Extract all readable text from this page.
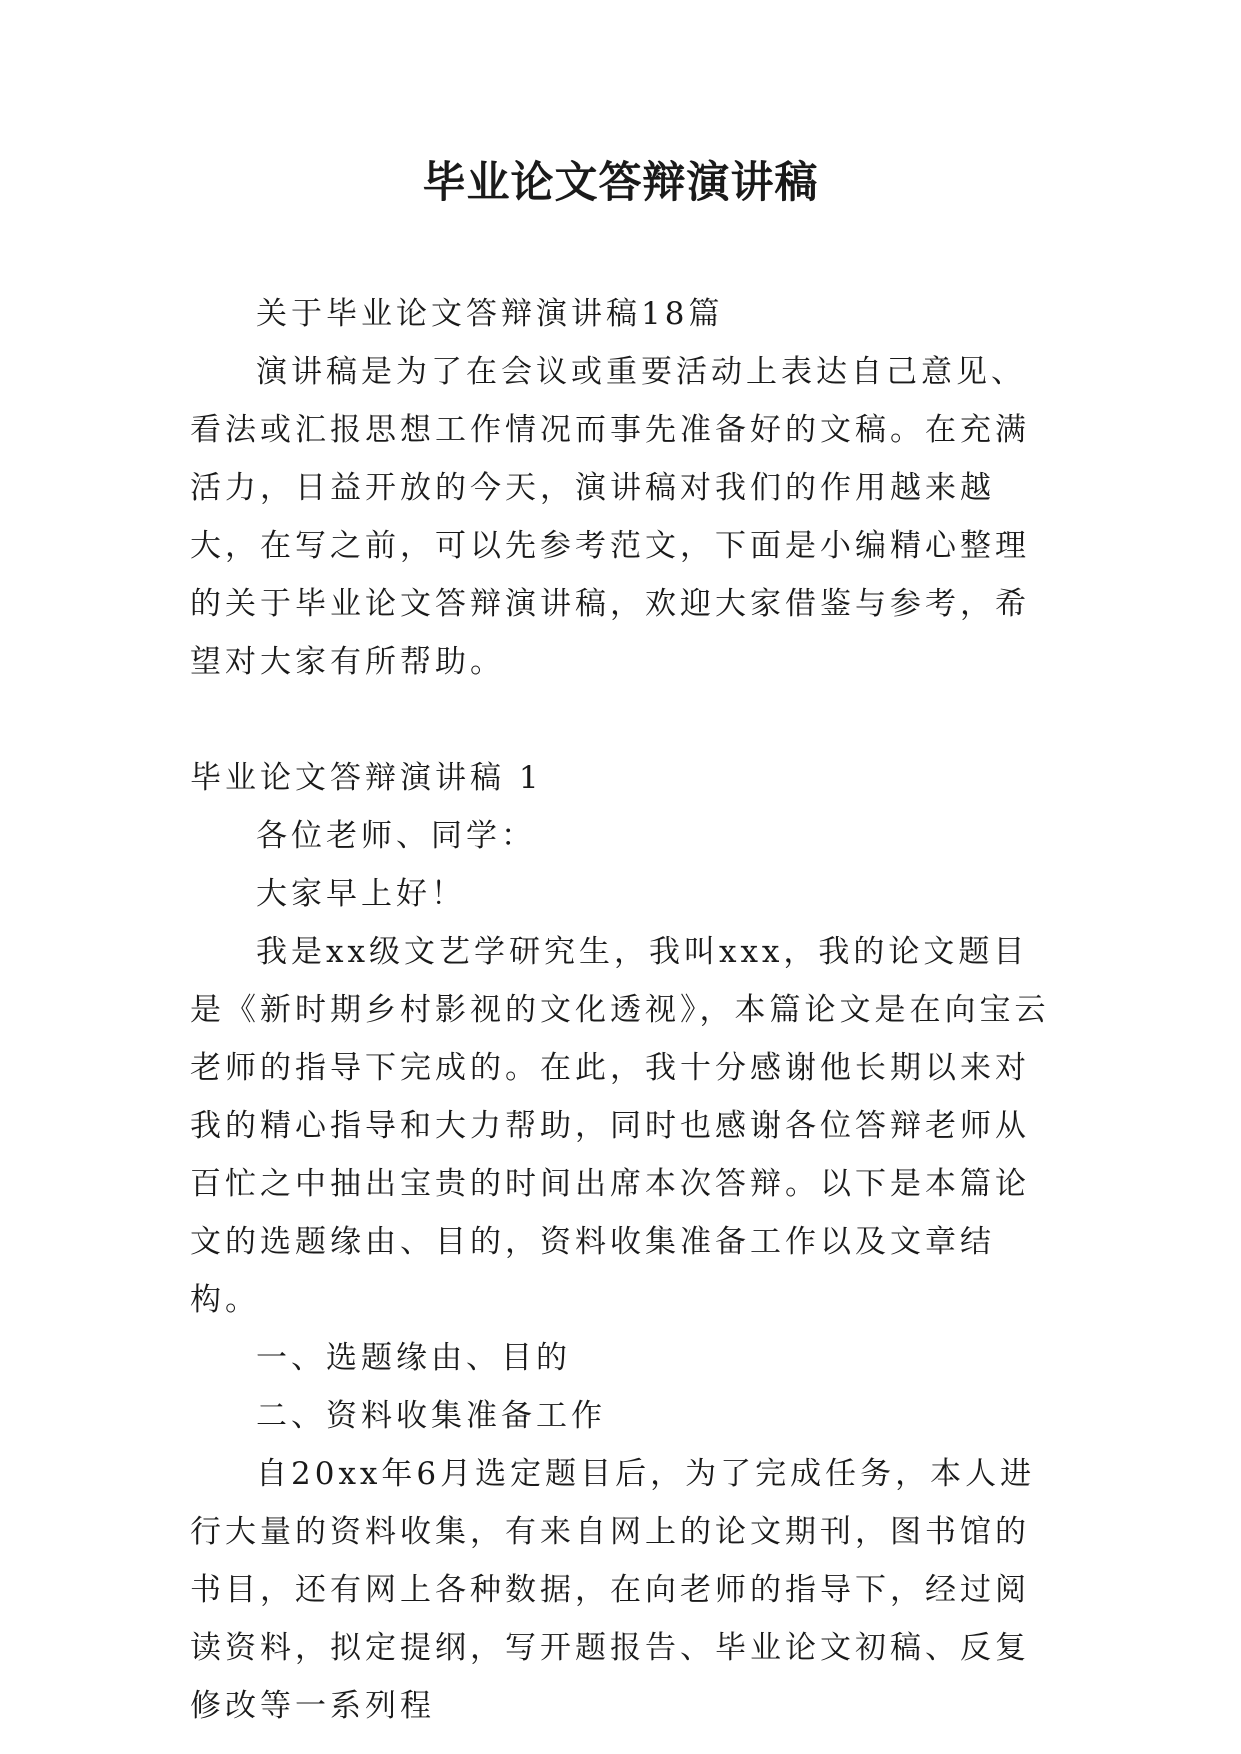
毕业论文答辩演讲稿

关于毕业论文答辩演讲稿18篇

演讲稿是为了在会议或重要活动上表达自己意见、看法或汇报思想工作情况而事先准备好的文稿。在充满活力，日益开放的今天，演讲稿对我们的作用越来越大，在写之前，可以先参考范文，下面是小编精心整理的关于毕业论文答辩演讲稿，欢迎大家借鉴与参考，希望对大家有所帮助。

毕业论文答辩演讲稿 1

各位老师、同学：

大家早上好！

我是xx级文艺学研究生，我叫xxx，我的论文题目是《新时期乡村影视的文化透视》，本篇论文是在向宝云老师的指导下完成的。在此，我十分感谢他长期以来对我的精心指导和大力帮助，同时也感谢各位答辩老师从百忙之中抽出宝贵的时间出席本次答辩。以下是本篇论文的选题缘由、目的，资料收集准备工作以及文章结构。

一、选题缘由、目的

二、资料收集准备工作

自20xx年6月选定题目后，为了完成任务，本人进行大量的资料收集，有来自网上的论文期刊，图书馆的书目，还有网上各种数据，在向老师的指导下，经过阅读资料，拟定提纲，写开题报告、毕业论文初稿、反复修改等一系列程
